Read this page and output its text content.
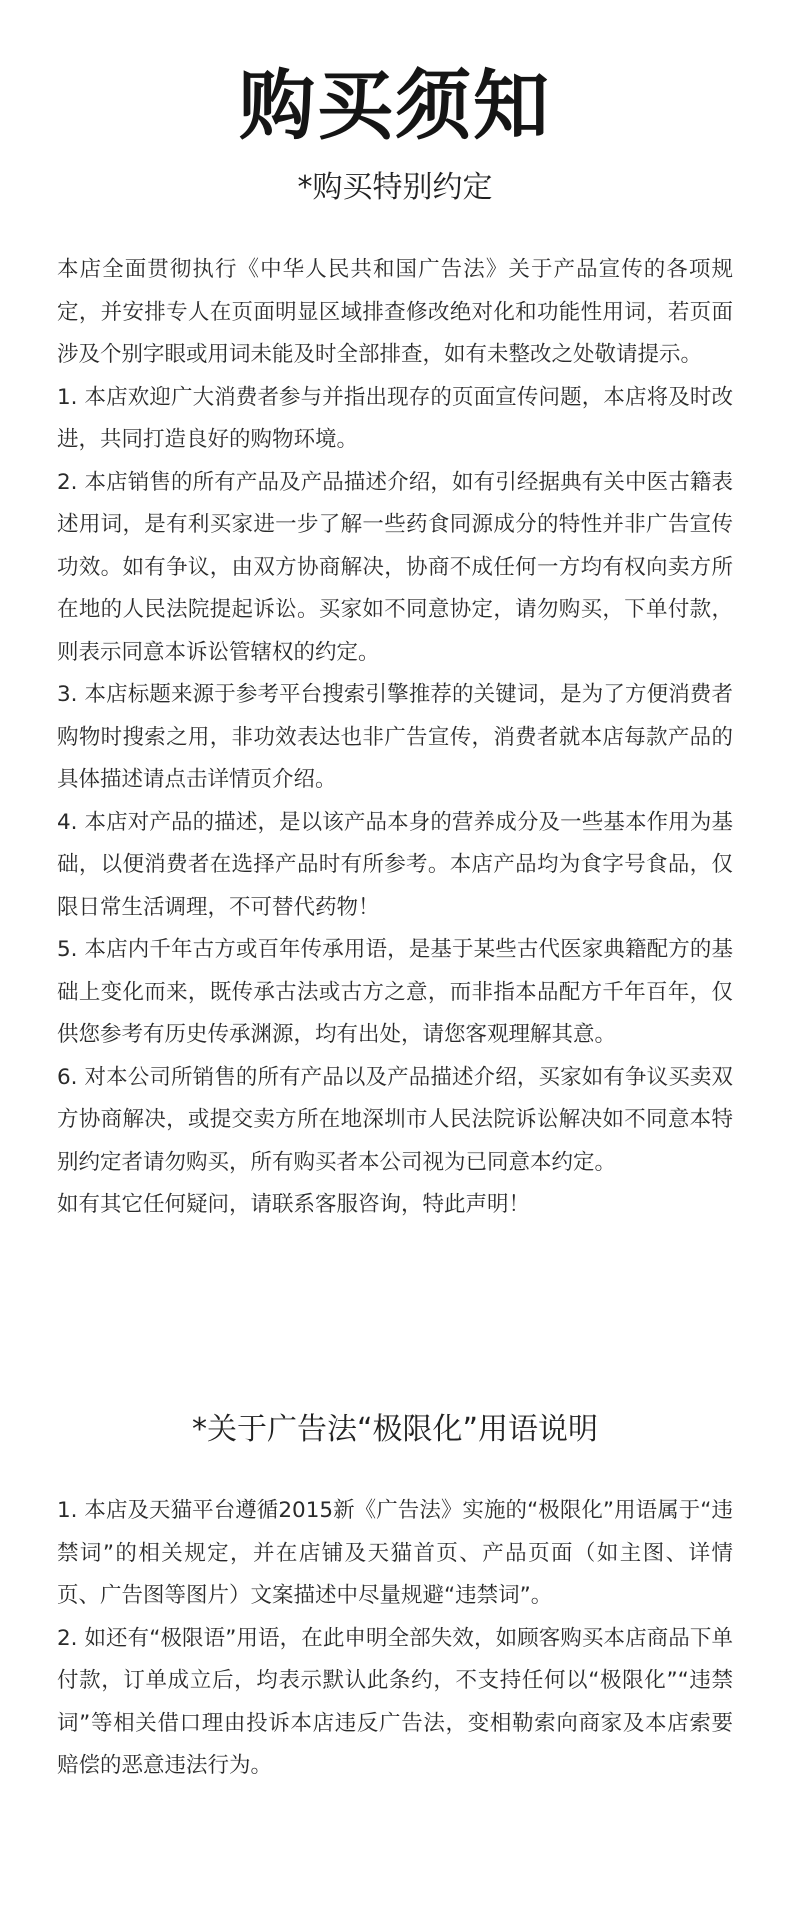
购买须知
*购买特别约定

本店全面贯彻执行《中华人民共和国广告法》关于产品宣传的各项规定，并安排专人在页面明显区域排查修改绝对化和功能性用词，若页面涉及个别字眼或用词未能及时全部排查，如有未整改之处敬请提示。

1. 本店欢迎广大消费者参与并指出现存的页面宣传问题，本店将及时改进，共同打造良好的购物环境。

2. 本店销售的所有产品及产品描述介绍，如有引经据典有关中医古籍表述用词，是有利买家进一步了解一些药食同源成分的特性并非广告宣传功效。如有争议，由双方协商解决，协商不成任何一方均有权向卖方所在地的人民法院提起诉讼。买家如不同意协定，请勿购买，下单付款，则表示同意本诉讼管辖权的约定。

3. 本店标题来源于参考平台搜索引擎推荐的关键词，是为了方便消费者购物时搜索之用，非功效表达也非广告宣传，消费者就本店每款产品的具体描述请点击详情页介绍。

4. 本店对产品的描述，是以该产品本身的营养成分及一些基本作用为基础，以便消费者在选择产品时有所参考。本店产品均为食字号食品，仅限日常生活调理，不可替代药物！

5. 本店内千年古方或百年传承用语，是基于某些古代医家典籍配方的基础上变化而来，既传承古法或古方之意，而非指本品配方千年百年，仅供您参考有历史传承渊源，均有出处，请您客观理解其意。

6. 对本公司所销售的所有产品以及产品描述介绍，买家如有争议买卖双方协商解决，或提交卖方所在地深圳市人民法院诉讼解决如不同意本特别约定者请勿购买，所有购买者本公司视为已同意本约定。

如有其它任何疑问，请联系客服咨询，特此声明！

*关于广告法“极限化”用语说明

1. 本店及天猫平台遵循2015新《广告法》实施的“极限化”用语属于“违禁词”的相关规定，并在店铺及天猫首页、产品页面（如主图、详情页、广告图等图片）文案描述中尽量规避“违禁词”。

2. 如还有“极限语”用语，在此申明全部失效，如顾客购买本店商品下单付款，订单成立后，均表示默认此条约，不支持任何以“极限化”“违禁词”等相关借口理由投诉本店违反广告法，变相勒索向商家及本店索要赔偿的恶意违法行为。
